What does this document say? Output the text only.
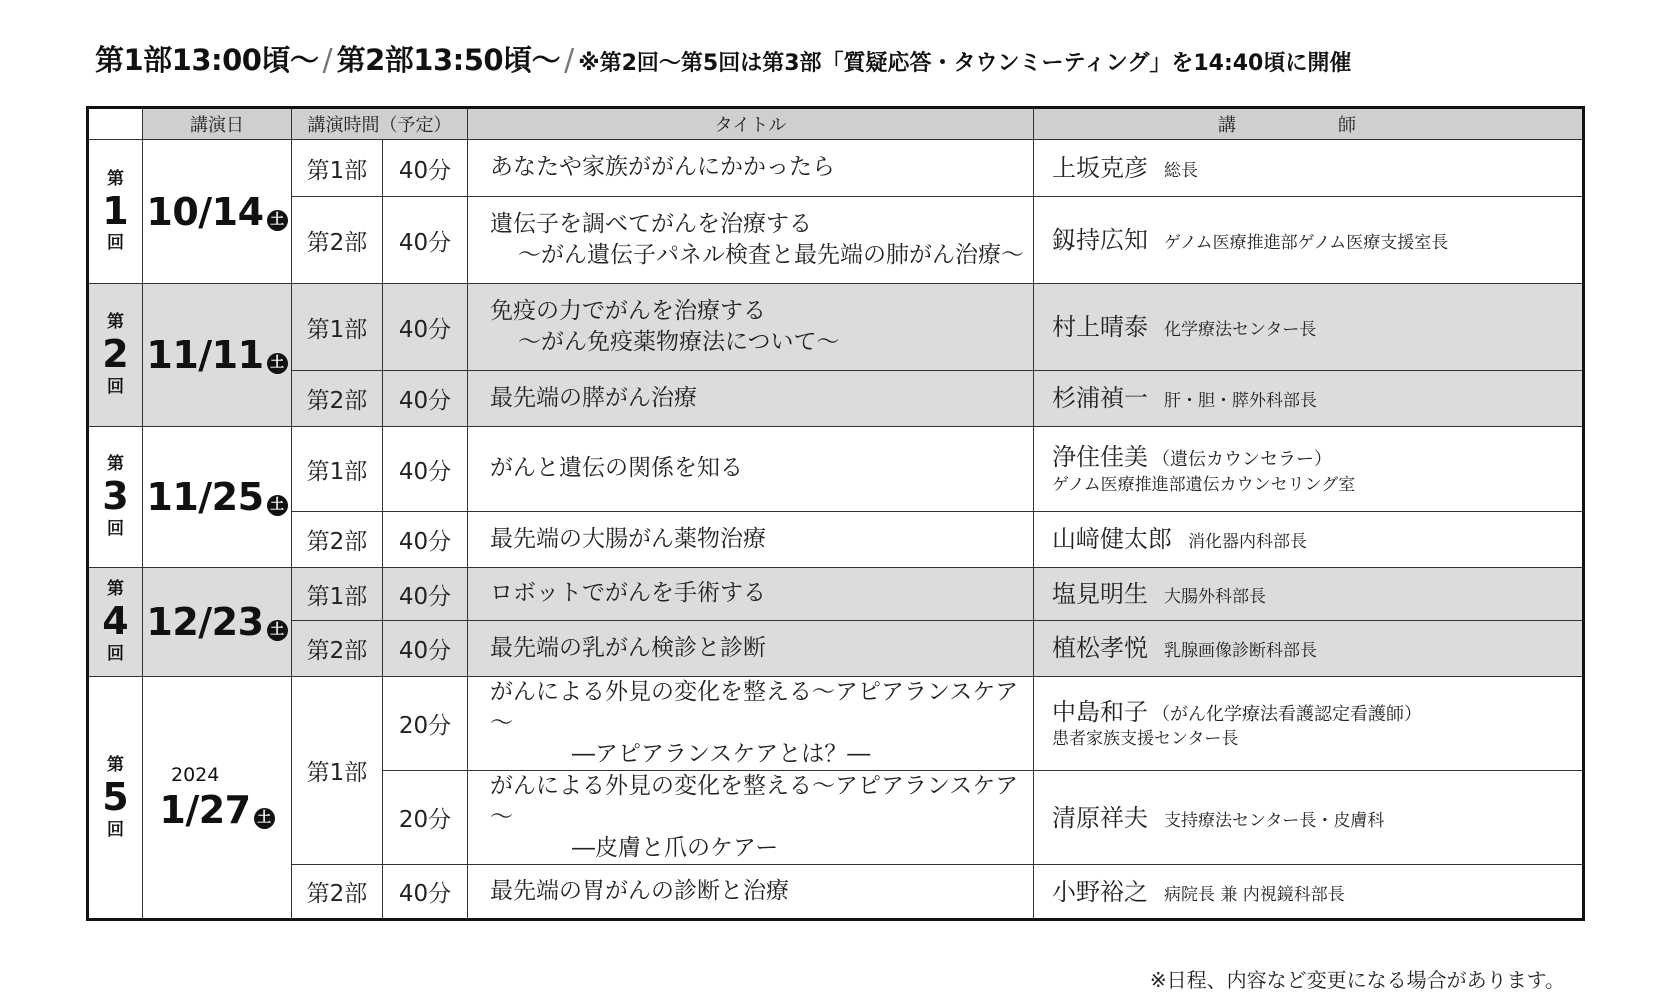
第1部13:00頃～ / 第2部13:50頃～ / ※第2回～第5回は第3部「質疑応答・タウンミーティング」を14:40頃に開催
	講演日	講演時間（予定）		タイトル	講　師

第
1
回	10/14 土	第1部	40分	あなたや家族ががんにかかったら	上坂克彦 総長
		第2部	40分	遺伝子を調べてがんを治療する
～がん遺伝子パネル検査と最先端の肺がん治療～	釼持広知 ゲノム医療推進部ゲノム医療支援室長

第
2
回	11/11 土	第1部	40分	免疫の力でがんを治療する
～がん免疫薬物療法について～	村上晴泰 化学療法センター長
		第2部	40分	最先端の膵がん治療	杉浦禎一 肝・胆・膵外科部長

第
3
回	11/25 土	第1部	40分	がんと遺伝の関係を知る	浄住佳美 （遺伝カウンセラー）
ゲノム医療推進部遺伝カウンセリング室

		第2部	40分	最先端の大腸がん薬物治療	山﨑健太郎 消化器内科部長

第
4
回	12/23 土	第1部	40分	ロボットでがんを手術する	塩見明生 大腸外科部長
		第2部	40分	最先端の乳がん検診と診断	植松孝悦 乳腺画像診断科部長

第
5
回	2024
1/27 土	第1部	20分	がんによる外見の変化を整える～アピアランスケア～
―アピアランスケアとは？―	中島和子 （がん化学療法看護認定看護師）
患者家族支援センター長

			20分	がんによる外見の変化を整える～アピアランスケア～
―皮膚と爪のケアー	清原祥夫 支持療法センター長・皮膚科
		第2部	40分	最先端の胃がんの診断と治療	小野裕之 病院長 兼 内視鏡科部長
※日程、内容など変更になる場合があります。
